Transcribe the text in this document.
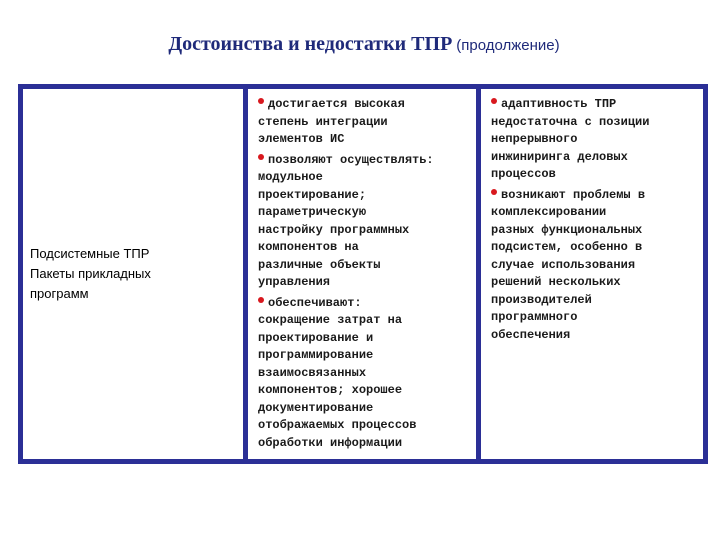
Достоинства и недостатки ТПР (продолжение)
Подсистемные ТПР
Пакеты прикладных
программ
достигается высокая
степень интеграции
элементов ИС
позволяют осуществлять:
модульное
проектирование;
параметрическую
настройку программных
компонентов на
различные объекты
управления
обеспечивают:
сокращение затрат на
проектирование и
программирование
взаимосвязанных
компонентов; хорошее
документирование
отображаемых процессов
обработки информации
адаптивность ТПР
недостаточна с позиции
непрерывного
инжиниринга деловых
процессов
возникают проблемы в
комплексировании
разных функциональных
подсистем, особенно в
случае использования
решений нескольких
производителей
программного
обеспечения
